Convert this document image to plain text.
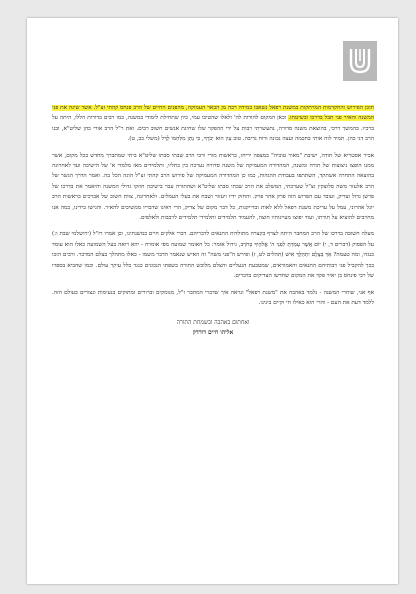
תוכן הפירוש והחקדמות המרתקות במשנת רפאל נשאבו במידה רבה מן הבאר העמוקה, מהפנים החיים של הרב פנחס קהתי זצ"ל. אשר שיגה את פני המשנה והאיר פני תבל בדרכו ובשיטתו. וכאן המקום להודות לה' ולאלו שהטיבו עמי, כיון שתחילת לימודי במשנה, כמו רבים בדורות הללו, היתה על ברכיו. בהמשך דרכי, בהוצאת משנה סדורה, נתעשרתי רבות על ידי ההפקר שלו שחינת אנשים חשוב רבים. ואת ר"ל הרב אורי כהן שליט"א, ובנו הרב דני כהן. תמיד לוה אותי בחכמה ועצה נכונה ורוח נדיבה. טוב עַיִן הוּא יְבֹרָךְ, כִּי נָתַן מִלַּחְמוֹ לַדָּל (משלי כב, ט).

אכיר אסטריא של תודה, ישיבת "מאור טוביה" במצפה יריחו, בראשות מורי ורבי הרב שבתי סבתו שליט"א ביתי שמתברך מחדש בכל מקום, אשר ממנו הופצו ניצוצות של תורה ומשנה, המהדורה המעמיקה של משנה סדורה נערכה בין כתליו, ותלמידים מאז מלמדי א' של הישיבה ועד לאחרונה בהוצאה התחרה אשתקד, השתתפו בעבודת ההגהות, כמו כן המהדורה המעמיקה של פירוש הרב קהתי זצ"ל הוגה הכל בה. ואמר הדרך הגשר של הרב אלעזר משה סלוצקין זצ"ל שערכתי, המשלב את הרב שבתי סבתו שליט"א ושהתורה עבר בישיבה חוזקו גדולי המשנה והיאמר את בדרכו של פרשן גדול וצדיק, ועובד עם הפרוש הזה פרק אחר פרק. והחזק ידיו ויעזור ושבח את בעלי העמלים. ולאחרונה, צוות חשוב של אברכים בראשות הרב יוגל אהרוני, עמל על עריכת משנת רפאל ללא לאות ובדייקנות, כל דבר מקום של צדיק, הרי ראינו שדבריו ממשיכים להאיר. והגישו בידינו, כמה אנו מחויבים להוציא על תורתו, ועוד יפוצו מעיינותיו חוצה, להעמיד תלמידים ותלמידי תלמידים לרבבות ולאלפים.

מעלה חשובה בדרכו של הרב המחבר היתה לצרף בקצרה מתולדות התנאים לדבריהם. דברי אלקים חיים במשנתינו, וכן אמרו רז"ל (ירושלמי שבת ו:) על הפסוק (דברים ד, י) יוֹם אֲשֶׁר עָמַדְתָּ לִפְנֵי ה' אֱלֹהֶיךָ בְּחֹרֵב, גידול אומר: כל האומר שמועה מפי אומרה - יהא רואה בעל השמועה כאלו הוא עומד כנגדו, ומה טעמה? אַךְ בְּצֶלֶם יִתְהַלֶּךְ אִישׁ (תהלים לט, ז) ופירש ה"פני משה" זה האיש שנאמר הדבר משמו - כאלו מתהלך בצלם המדבר. ורבים הזכו בכך להקביל פני רבותיהם התנאים והאמוראים, שמטבעת הנעליים והצלם מלובש התורה בשפתו הנכונים כנגד כלל עיקר עולם. וכמו שהביא בספרו של רבי פינחס בן יאיר פקד את המקום שחדשו הצדיקים בדברים.

אף אני, שוחרי המשנה - נלמד באהבה את "משנת רפאל" ונראה איך שדברי המחבר ז"ל, מנומקים וברורים ומתוקים בנעימות ונצורים בעולם הזה. ללמד דעת את העם - והרי הוא כאילו חי וקיים בינינו.

ואחתום באהבה ובשמחת התורה
אליהו חיים דורדק
